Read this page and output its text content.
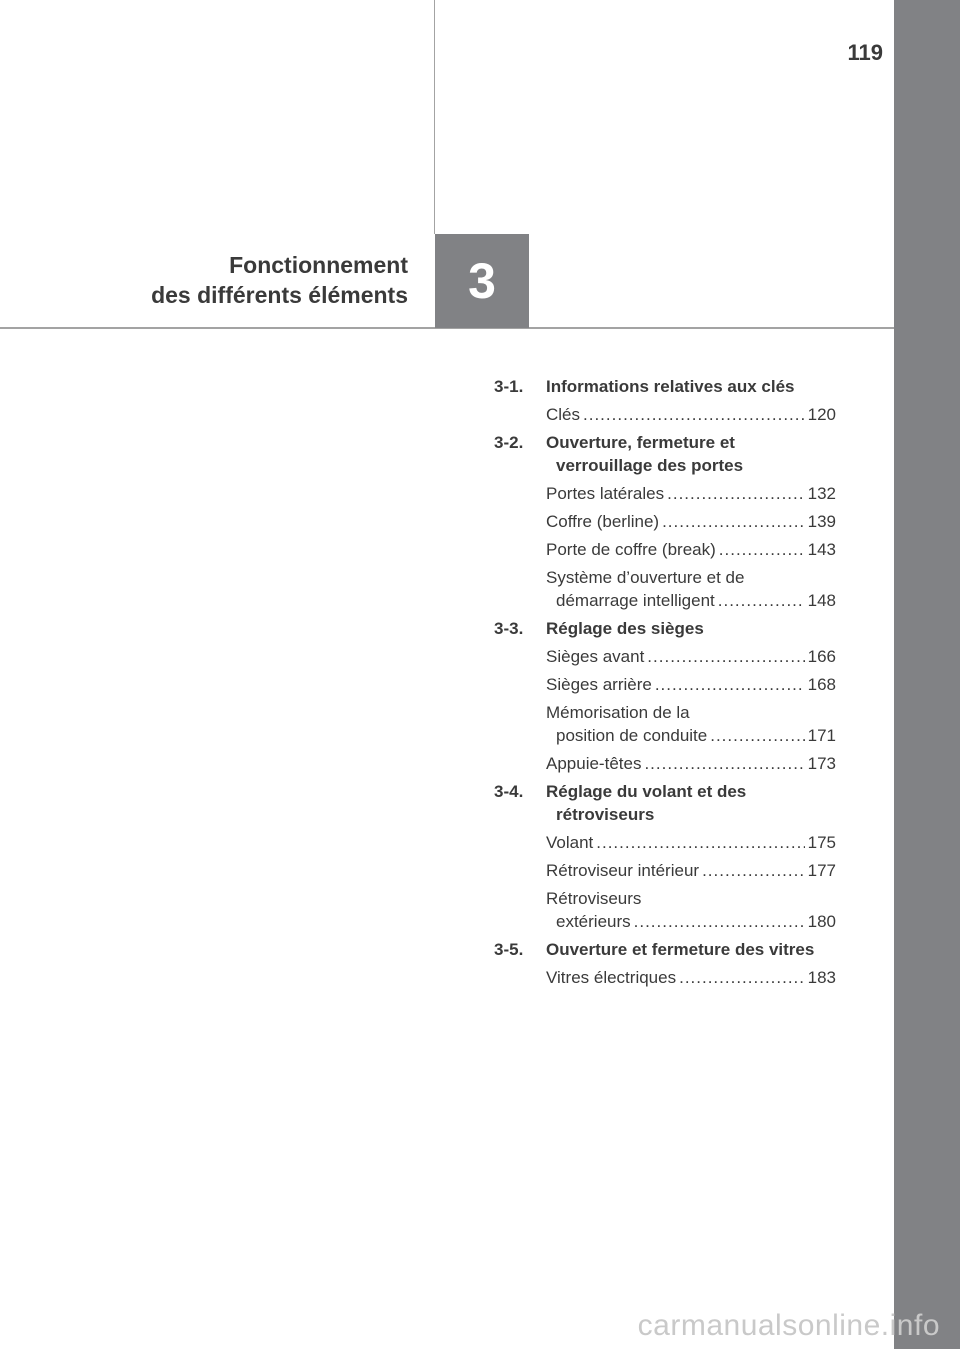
119
Fonctionnement
des différents éléments 3
3-1.	Informations relatives aux clés
Clés .....	120
3-2.	Ouverture, fermeture et verrouillage des portes
Portes latérales .....	132
Coffre (berline) .....	139
Porte de coffre (break) .....	143
Système d’ouverture et de
démarrage intelligent .....	148
3-3.	Réglage des sièges
Sièges avant .....	166
Sièges arrière .....	168
Mémorisation de la
position de conduite .....	171
Appuie-têtes .....	173
3-4.	Réglage du volant et des rétroviseurs
Volant .....	175
Rétroviseur intérieur .....	177
Rétroviseurs
extérieurs .....	180
3-5.	Ouverture et fermeture des vitres
Vitres électriques .....	183
carmanualsonline.info
